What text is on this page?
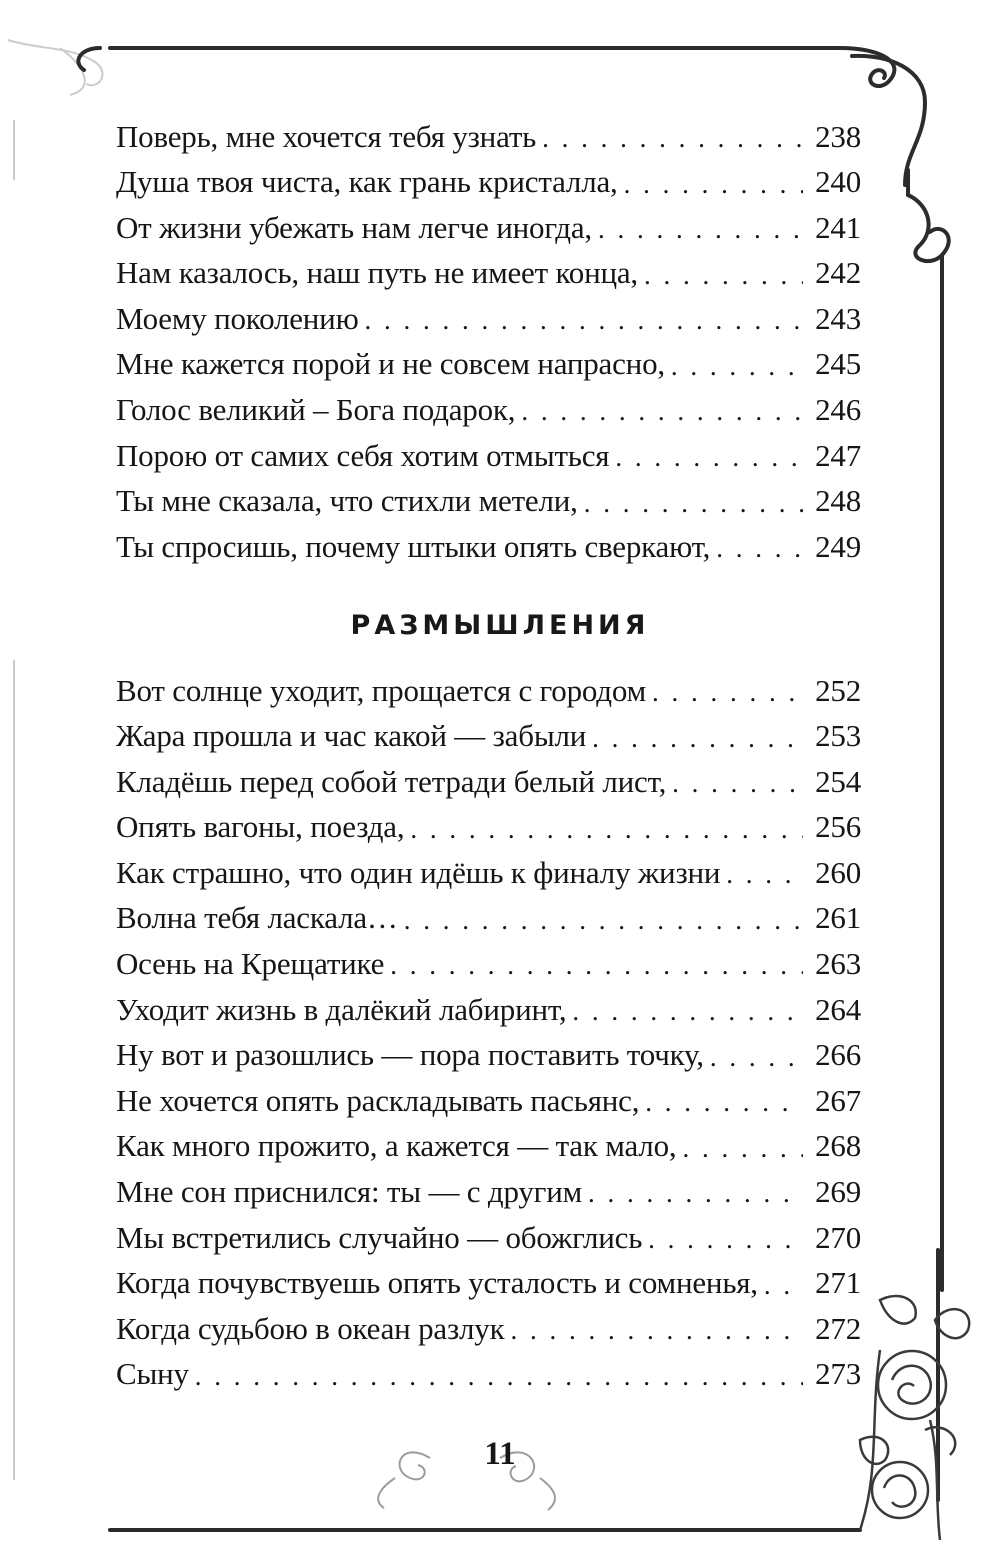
Поверь, мне хочется тебя узнать . . .	238
Душа твоя чиста, как грань кристалла, . . .	240
От жизни убежать нам легче иногда, . . .	241
Нам казалось, наш путь не имеет конца, . . .	242
Моему поколению . . .	243
Мне кажется порой и не совсем напрасно, . . .	245
Голос великий – Бога подарок, . . .	246
Порою от самих себя хотим отмыться . . .	247
Ты мне сказала, что стихли метели, . . .	248
Ты спросишь, почему штыки опять сверкают, . . .	249
РАЗМЫШЛЕНИЯ
Вот солнце уходит, прощается с городом . . .	252
Жара прошла и час какой — забыли . . .	253
Кладёшь перед собой тетради белый лист, . . .	254
Опять вагоны, поезда, . . .	256
Как страшно, что один идёшь к финалу жизни . . .	260
Волна тебя ласкала… . . .	261
Осень на Крещатике . . .	263
Уходит жизнь в далёкий лабиринт, . . .	264
Ну вот и разошлись — пора поставить точку, . . .	266
Не хочется опять раскладывать пасьянс, . . .	267
Как много прожито, а кажется — так мало, . . .	268
Мне сон приснился: ты — с другим . . .	269
Мы встретились случайно — обожглись . . .	270
Когда почувствуешь опять усталость и сомненья, . . . 271
Когда судьбою в океан разлук . . .	272
Сыну . . .	273
11
